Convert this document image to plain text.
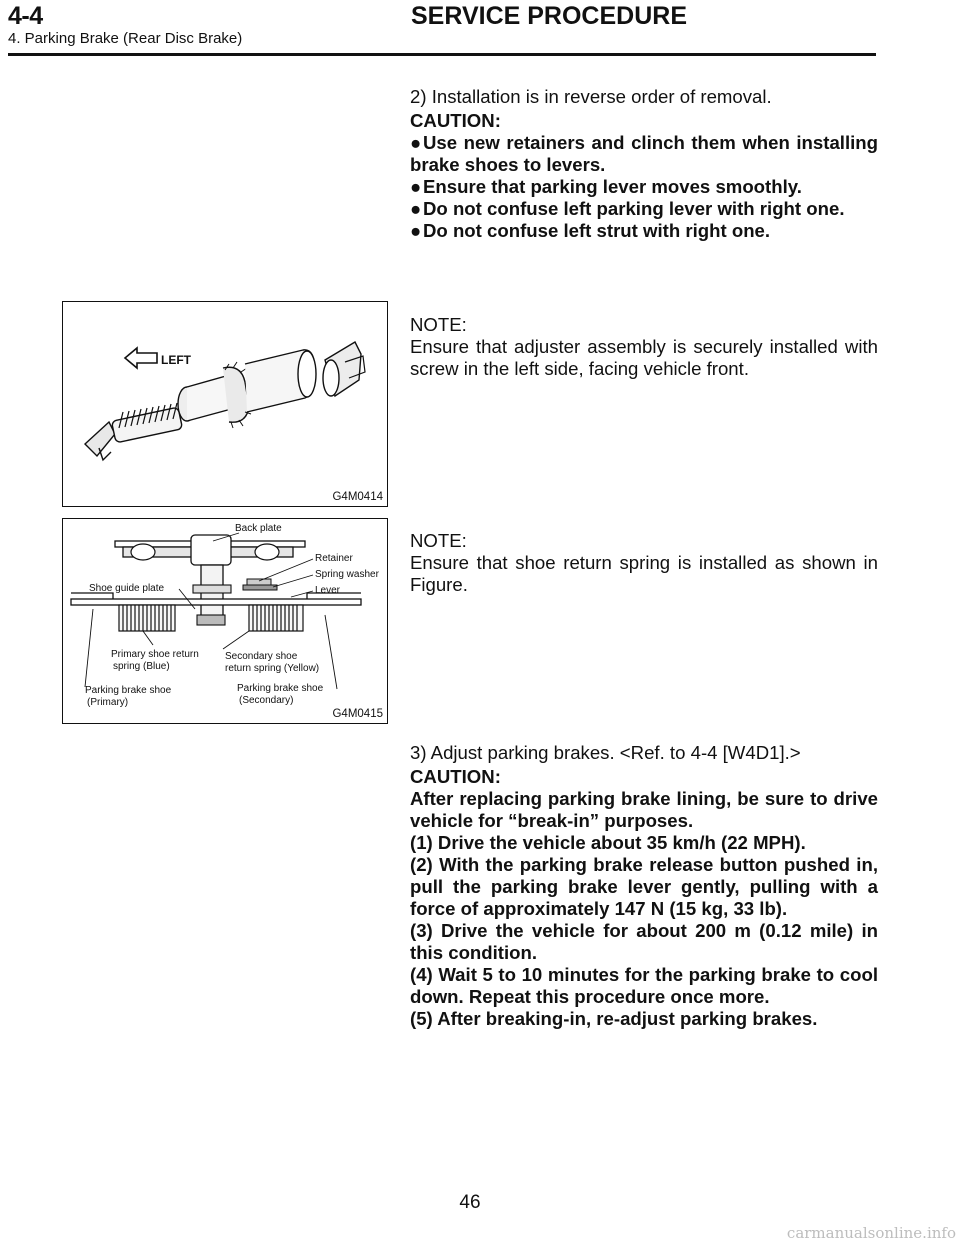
4-4	SERVICE PROCEDURE
4. Parking Brake (Rear Disc Brake)
2) Installation is in reverse order of removal.
CAUTION:
●Use new retainers and clinch them when installing brake shoes to levers.
●Ensure that parking lever moves smoothly.
●Do not confuse left parking lever with right one.
●Do not confuse left strut with right one.
LEFT
G4M0414
NOTE:
Ensure that adjuster assembly is securely installed with screw in the left side, facing vehicle front.
Back plate
Retainer
Spring washer
Lever
Shoe guide plate
Primary shoe return
spring (Blue)
Secondary shoe
return spring (Yellow)
Parking brake shoe
(Primary)
Parking brake shoe
(Secondary)
G4M0415
NOTE:
Ensure that shoe return spring is installed as shown in Figure.
3) Adjust parking brakes. <Ref. to 4-4 [W4D1].>
CAUTION:
After replacing parking brake lining, be sure to drive vehicle for “break-in” purposes.
(1) Drive the vehicle about 35 km/h (22 MPH).
(2) With the parking brake release button pushed in, pull the parking brake lever gently, pulling with a force of approximately 147 N (15 kg, 33 lb).
(3) Drive the vehicle for about 200 m (0.12 mile) in this condition.
(4) Wait 5 to 10 minutes for the parking brake to cool down. Repeat this procedure once more.
(5) After breaking-in, re-adjust parking brakes.
46
carmanualsonline.info
